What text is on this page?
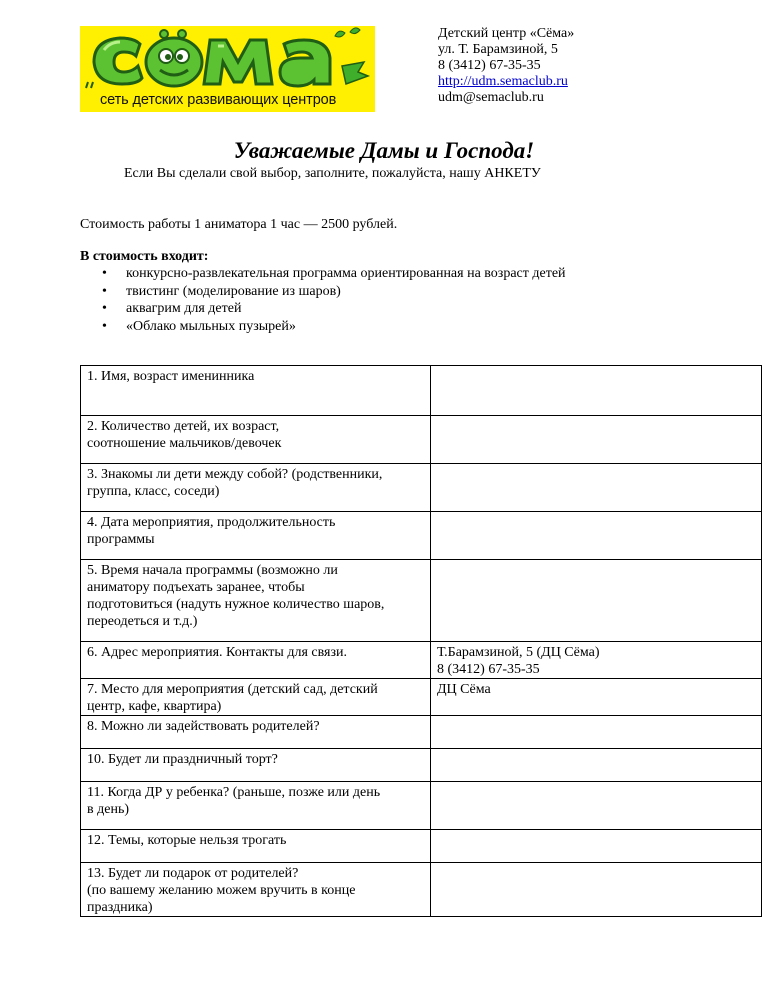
сеть детских развивающих центров
Детский центр «Сёма»
ул. Т. Барамзиной, 5
8 (3412) 67-35-35
http://udm.semaclub.ru
udm@semaclub.ru
Уважаемые Дамы и Господа!
Если Вы сделали свой выбор, заполните, пожалуйста, нашу АНКЕТУ
Стоимость работы 1 аниматора 1 час — 2500 рублей.
В стоимость входит:
• конкурсно-развлекательная программа ориентированная на возраст детей
• твистинг (моделирование из шаров)
• аквагрим для детей
• «Облако мыльных пузырей»
1. Имя, возраст именинника	

2. Количество детей, их возраст,
соотношение мальчиков/девочек	

3. Знакомы ли дети между собой? (родственники,
группа, класс, соседи)	

4. Дата мероприятия, продолжительность
программы	

5. Время начала программы (возможно ли
аниматору подъехать заранее, чтобы
подготовиться (надуть нужное количество шаров,
переодеться и т.д.)	

6. Адрес мероприятия. Контакты для связи.	Т.Барамзиной, 5 (ДЦ Сёма)
8 (3412) 67-35-35

7. Место для мероприятия (детский сад, детский
центр, кафе, квартира)	ДЦ Сёма

8. Можно ли задействовать родителей?	

10. Будет ли праздничный торт?	

11. Когда ДР у ребенка? (раньше, позже или день
в день)	

12. Темы, которые нельзя трогать	

13. Будет ли подарок от родителей?
(по вашему желанию можем вручить в конце
праздника)	
